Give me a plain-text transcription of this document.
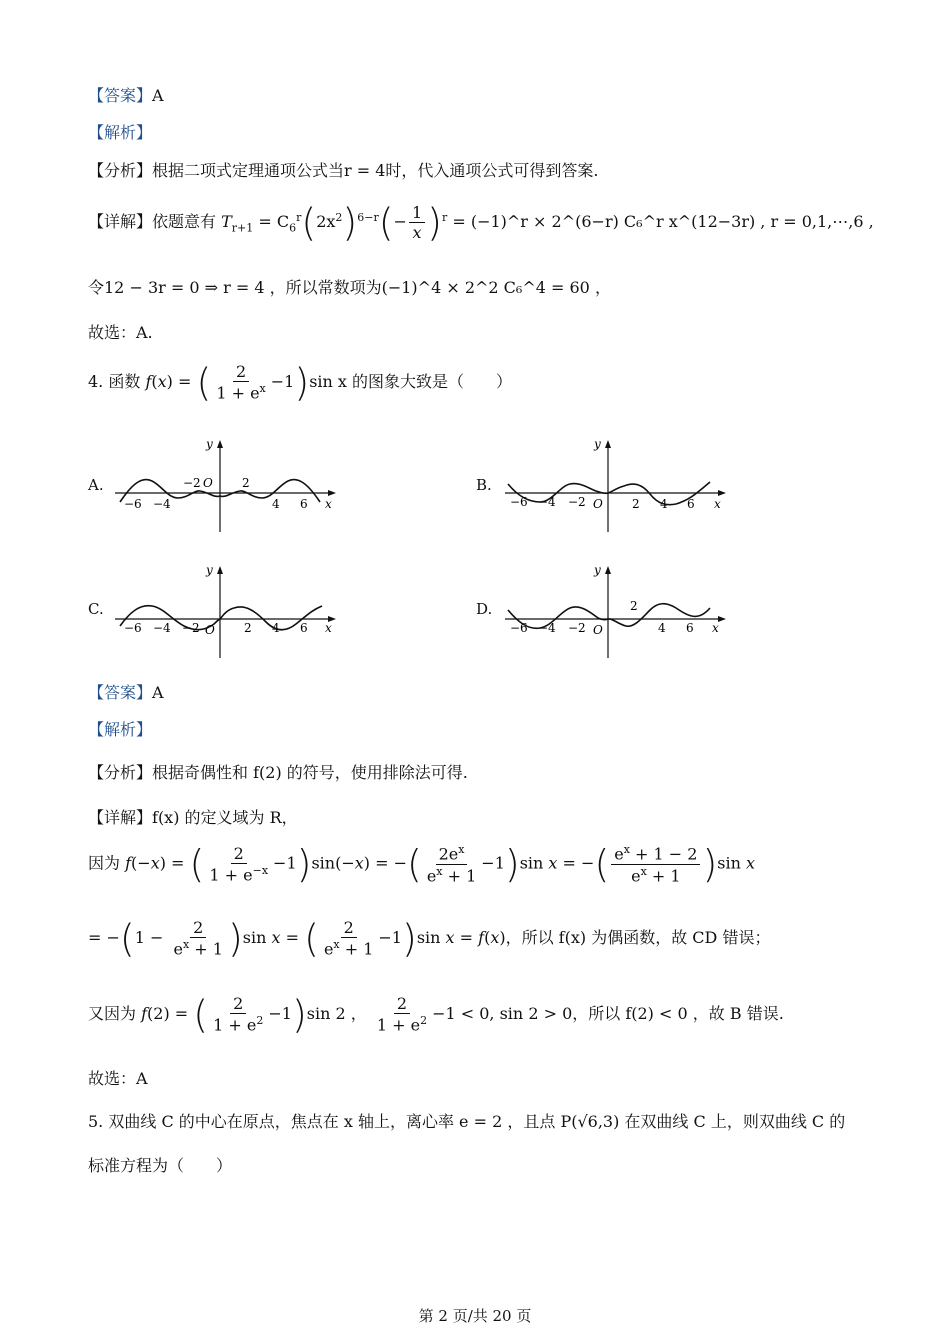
【答案】A
【解析】
【分析】根据二项式定理通项公式当r = 4时，代入通项公式可得到答案.
【详解】依题意有 $T_{r+1} = C_6^r(2x^2)^{6-r}(- \frac{1}{x} )^r$ = (−1)^r × 2^(6−r) C₆^r x^(12−3r) , r = 0,1,⋯,6 ,
令12 − 3r = 0 ⇒ r = 4 ，所以常数项为(−1)^4 × 2^2 C₆^4 = 60 ，
故选：A.
4. 函数 f(x) = ( $\frac{2}{1 + e^x} -1)\sin$ x 的图象大致是（　　）
A.	B.
C.	D.
−6 −4
−2 O 2
4 6 x
y
−6 −4 −2 O 2 4 6 x
y
−6 −4 −2 O 2 4 6 x
y
−6 −4 −2 O
2
4 6 x
y
【答案】A
【解析】
【分析】根据奇偶性和 f(2) 的符号，使用排除法可得.
【详解】f(x) 的定义域为 R，
因为 f(−x) = ( $\frac{2}{1 + e^{-x}} -1)\sin(-x)$ = −( $\frac{2e^x}{e^x + 1} -1)\sin$ x = −( $\frac{e^x + 1 - 2}{e^x + 1} )\sin$ x
= $-(1 - \frac{2}{e^x + 1} )\sin$ x = ( $\frac{2}{e^x + 1} -1)\sin$ x = f(x)，所以 f(x) 为偶函数，故 CD 错误；
又因为 f(2) = ( $\frac{2}{1 + e^2} -1)\sin$ 2 ， $\frac{2}{1 + e^2} -1 < 0$, sin 2 > 0，所以 f(2) < 0 ，故 B 错误.
故选：A
5. 双曲线 C 的中心在原点，焦点在 x 轴上，离心率 e = 2 ，且点 P(√6,3) 在双曲线 C 上，则双曲线 C 的
标准方程为（　　）
第 2 页/共 20 页
